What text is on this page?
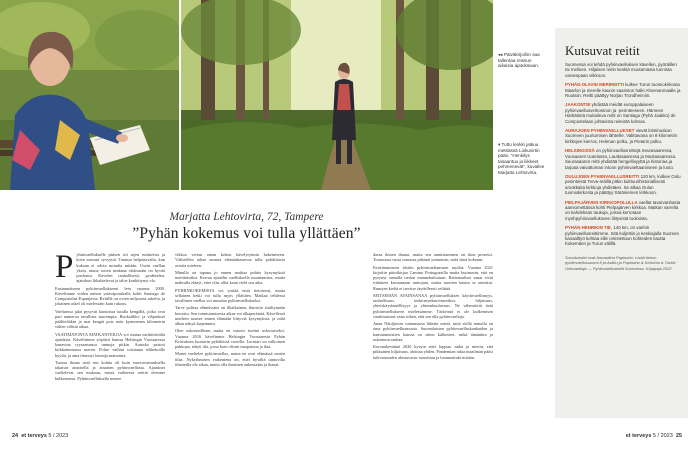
◂◂ Päiväkirjoihin saa tallentaa reissun aikaisia ajatuksiaan.
▾ Tuttu lenkki jatkuu metsässä Loikuvirtin pään. "Henkilys tasaantuu ja liikkeet pehmenevät", kuvailee Marjatta Lehtovirta.
Marjatta Lehtovirta, 72, Tampere
”Pyhän kokemus voi tulla yllättäen”
P yhiinvaellukselle pääsen irti arjen rutiineista ja koen saavani syvyyttä. Tunnun helpottavalta, kun kukaan ei odota minulta mitään. Usein vaellan yksin, mutta toisen mukana oloksaatin on hyvää puolensa. Kävelen rauhallisesti, pysähtelen, ajatukset liikahtelevat ja taloe konkittynyt olo.

Ensimmäiseen pyhiinvaellukseeni lein vuonna 2000. Kävelimme viiden naisen ystäväporukalla kohti Santiago de Compostelaa Espanjassa. Reitillä on ovien miljoonia askelia, ja jokainen askel oli mielessäni kuin rukous.

Vaeltaessa jalat pysyvät kuntoissa tutulla kengällä, jotka ovat pari numeroa tavallista suurempia. Ruokailkki- ja vihjaukset pääliteltäkin ja mat kengät pois noin kymmenen kilometrin välien välisiä aikaa.

VAATIMATONTA MATKANTEKOA voi tuntua merkittävältä ajatuksia. Käveltimme yöpäivä kanssa Helsingin Vuosaaressa kanavina ryysaamassa tunnoja pitkin. Aurinko paistoi kirkkaimmassa meren. Poluo vaihtui toisinaan tekkekoille kyyliä, ja aina ilmestyi hienoja maisemia.

Tuossa ilman tietä sen kohtia oli kuin eurotuvaisuuksella takaisin ainaisella ja ainaisen pyhiinvaellusta. Ajatukset vaeltelevat sen mukaan, missä vaiheessa reittiä olemme kulkemassa. Pyhiinvaelluksella menee

vikkoa vertan oman kehon kävelyrytmin hakemiseen. Välistellen aikaa omasta elämänkaaressa tulla pohdittavia asioita mieleen.

Minulla on tapana jo ennen matkaa pohtia kysymyksiä mietittäväksi. Kerran ajattelin vaelluksella muuttamista, mutta mahtulla elänyt, ettei olisi ollut kaan vielä sen aika.

PYHIINKOKEMISTA voi yrittää etsiä tietoisesti, mutta sellainen hetki voi tulla myös yllättäen. Matkaa tehdessä tavallinen vaellus voi muuttua pyhiinvaellukseksi.

Tarve polttaa elämässäni on ilkaikainen, ihmisiin sisältymään kerrottu. Sen tunnistamisessa aikaa voi alkaperäisää. Kävellessä mieleen nousee ennen elämään liittyviä kysymyksiä, ja niitä alkaa näkyä laajemmin.

Olen uskonnollinen mutta en sanoisi itseäni uskovaiseksi. Vuonna 2016 kävelimme Helsingin Vuosaaresta Pyhän Kristuksen luostarin pyhäkössä vuotilla. Luostari on valkoinen pakkopa, tahyti tila, jossa koin olistni tasapainoa ja ilua.

Monet vaeltelee pyhiinvaellus, mutta ne ovat elämässä omien tilaa. Nykyihmisen vaikeutena on, ettei hyvältä tuntuvilla tilanteilla ole aikaa, mutta olla ihmisten aukeutalan ja ihanat.

dassa ikinen ihanat, mutta sen tunnistaminen on ihon prosessi. Tornasissa vasta somassa pihänäi ymmärsin, mitä siinä kokenut.

Kristittamiseen aloitin pyhiinvaeltamisen myöhä. Vuonna 2021 kirjoitin päiväkirjaa Camino Portuguesilla mutta huomasin, että en pysynyt samalla tiedon mannekuiloasan. Rationaaliset sanat eivät riittäneet kuvaamaan tuntojani, mutta runoien kautta se onnistui. Runojen kieltä ei tarvitse täydelleesti selittää.

SEITSEMÄN AVAINSANAA pyhiinvaelluksen käyttövaellimyys, rauhallisuus, teekirmynkasvinsorikos, hiljaisuus, yhteiskäytännöllisyys ja yhteenkuuluvuus. Ne vähentävät tietä pyhiinvaellukseen mielessämme. Tärkeintä ei ole kulkemisen vaatimaisuus vaan siihen, että sen alla pyhiinvaeltaja.

Anan Näidjärven tuntumassa lähetin mietä, mitä siellä minulla on oma pyhiinvaellusmuoto. Suomalaisten pyhiinvaelluskankaiden ja kansanmuistien kanssa on sitten kulkeneet, mikä tämänkin ja uskonnon rauhaa.

Koronakeväänä 2020 kysyin ettei loppua, mikä ja mietin, että pikkuinen hiljaisuus, aloittaa yhden. Pandemian takia maailman pääsi tulevaisuuden alustavasta: tunnistuu ja luonnontuki mitään.

Kutsuvat reitit

Suomessa voi tehdä pyhiinvaelluksen kävellen, pyöräillen tai melloen. Hiljaisen reitin keskiä muutamasta tunnista useampaan viikkoon.

PYHÄN OLAVIN MERIREITTI kulkee Turun tuomiokirkosta Maarlon ja merelle kaunin saariston halki Ahvenanmaalle ja Ruotsiin. Reitti päättyy Norjan Trondheimiin.

JAAKONTIE yhdistää meidät europpalaiseen pyhiinvaellusverkostoon ja -perinteeseen. Hämeen Härkätietä mukaileva reitti on Santiago (Pyhä Jaakko) de Compostelaan johtavista reiteistä kolmas.

AURAJOEN PYHIINVAELLUKSET vievät kristinuskon Suomeen juurtumisen lähteille. Valittavana on 8 kilometrin kirkkojen kierros, Helenan polku, ja Pietarin polku.

HELSINGISSÄ on pyhiinvaellusreittejä Seurasaaressa, Vuosaaren Uutelassa, Lauttasaaressa ja Mustasaaressa. Seurasaaren reitti yhdistää hengellisyyttä ja historiaa ja tarjoaa vaivattoman intoon pyhiinvaeltaamiseen ja luoto.

OULUJOEN PYHIINVAELLUSREITTI 120 km, kulkee Oulu peninteistä Terva-reitillä pitkin kulttuurihistoriallisesti arvokkaita kirkkoja yhdistäen. Se alkaa Oulun tuomiokirkosta ja päättyy Säräniemen kirkkoon.

PIELPAJÄRVEN KIRKKOPOLULLA vaellat tavarvanhasta aamiomettässä kohti Pielpajärven kirkkoa. Matkan varrella on kahdeksan taukoja, joissa kerrotaan myöhpyhiinvaellukseen liittyvistä tuoksista.

PYHÄN HENRIKIN TIE, 140 km, on vanhin pyhiinvaellusreittimme. Sitä kuljettiin jo keskiajalla Suomen kanaalltyö kohtaa sille omistettuun kohteiden kautta Kokemäen ja Turun välillä.

Suosituksiet ovat Annastiina Papinaho. Lisää tietoa: pyhiinvaellussuomi.fi ja Asikiu ja Papinaho & Kiviluhta & Turkki: Valovaeltaja — Pyhiinvaellusteitä Suomessa. Kirjapaja 2022.

24 et terveys 5 / 2023	et terveys 5 / 2023 25
